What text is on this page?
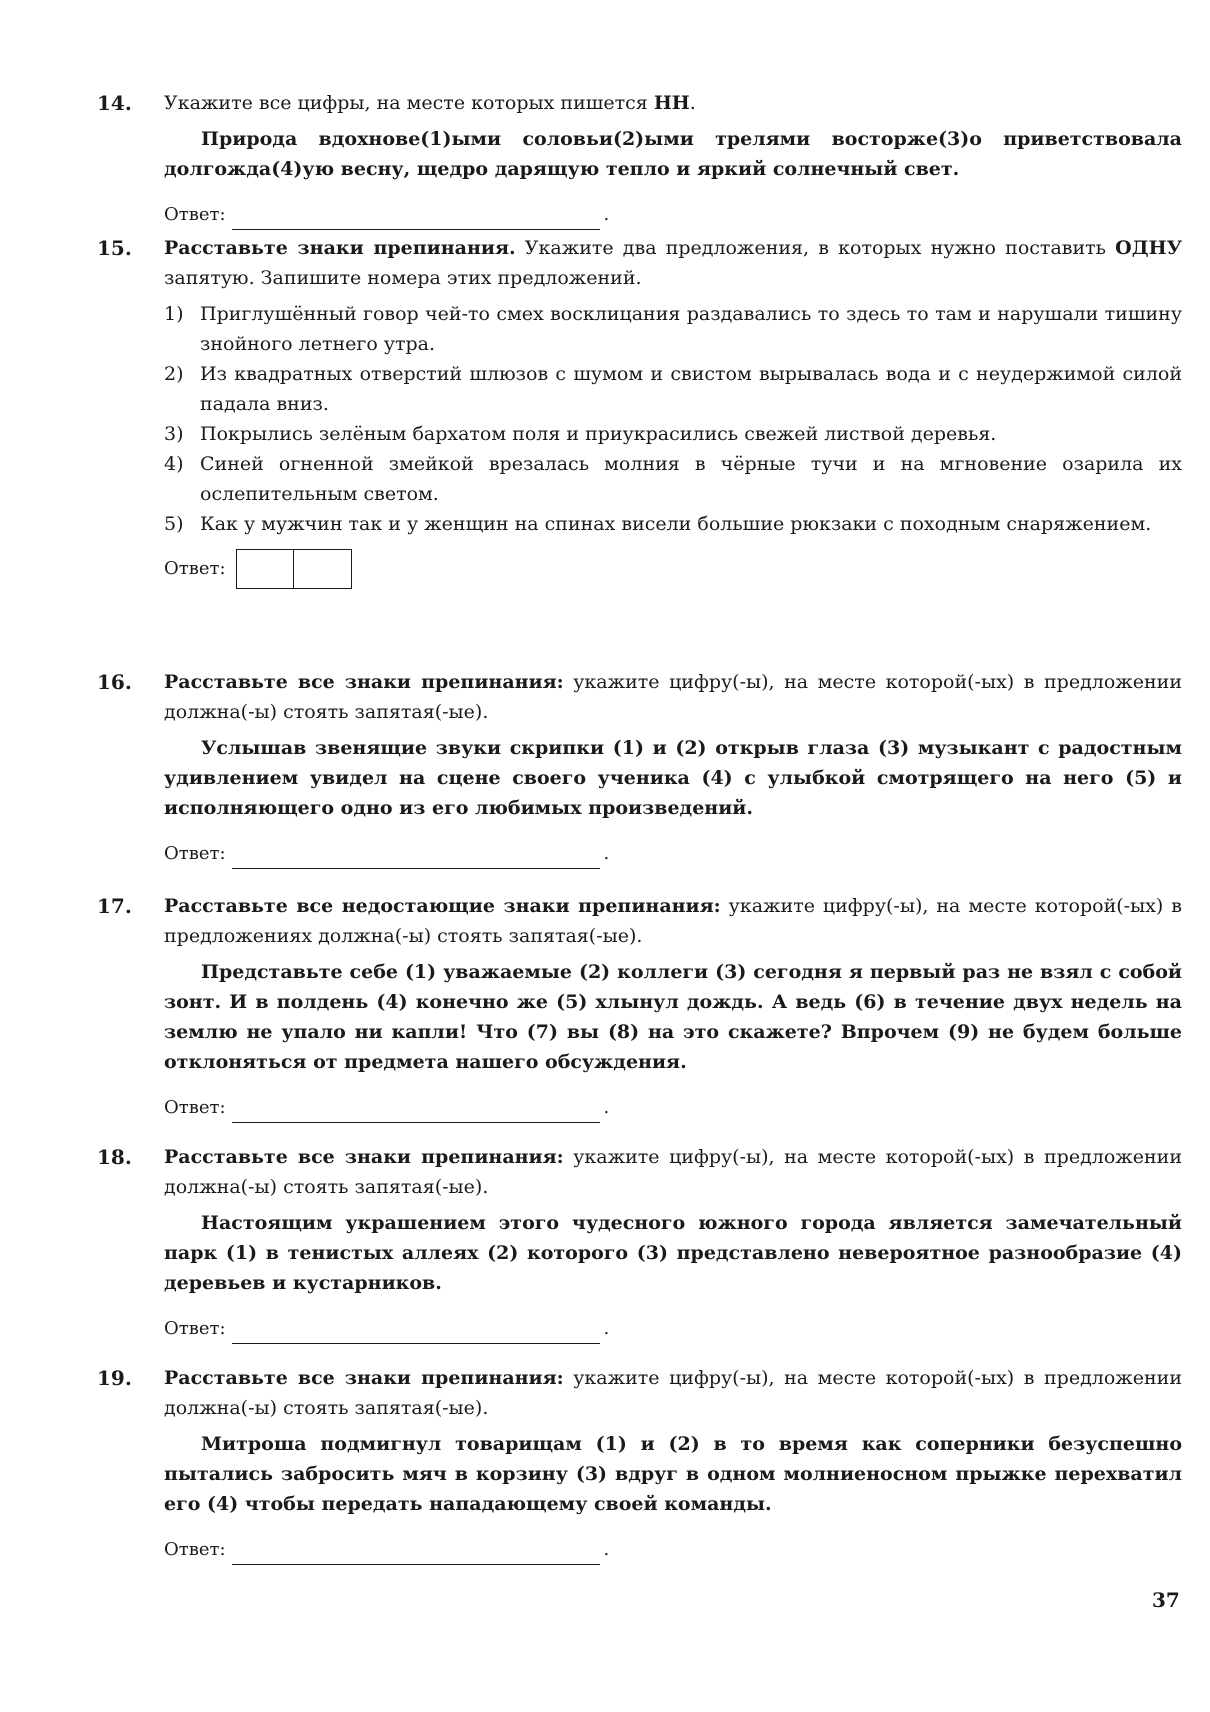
14. Укажите все цифры, на месте которых пишется НН.

Природа вдохнове(1)ыми соловьи(2)ыми трелями восторже(3)о приветствовала долгожда(4)ую весну, щедро дарящую тепло и яркий солнечный свет.

Ответ:	.
15. Расставьте знаки препинания. Укажите два предложения, в которых нужно поставить ОДНУ запятую. Запишите номера этих предложений.

1) Приглушённый говор чей-то смех восклицания раздавались то здесь то там и нарушали тишину знойного летнего утра.
2) Из квадратных отверстий шлюзов с шумом и свистом вырывалась вода и с неудержимой силой падала вниз.
3) Покрылись зелёным бархатом поля и приукрасились свежей листвой деревья.
4) Синей огненной змейкой врезалась молния в чёрные тучи и на мгновение озарила их ослепительным светом.
5) Как у мужчин так и у женщин на спинах висели большие рюкзаки с походным снаряжением.
Ответ:
16. Расставьте все знаки препинания: укажите цифру(-ы), на месте которой(-ых) в предложении должна(-ы) стоять запятая(-ые).

Услышав звенящие звуки скрипки (1) и (2) открыв глаза (3) музыкант с радостным удивлением увидел на сцене своего ученика (4) с улыбкой смотрящего на него (5) и исполняющего одно из его любимых произведений.

Ответ:	.
17. Расставьте все недостающие знаки препинания: укажите цифру(-ы), на месте которой(-ых) в предложениях должна(-ы) стоять запятая(-ые).

Представьте себе (1) уважаемые (2) коллеги (3) сегодня я первый раз не взял с собой зонт. И в полдень (4) конечно же (5) хлынул дождь. А ведь (6) в течение двух недель на землю не упало ни капли! Что (7) вы (8) на это скажете? Впрочем (9) не будем больше отклоняться от предмета нашего обсуждения.

Ответ:	.
18. Расставьте все знаки препинания: укажите цифру(-ы), на месте которой(-ых) в предложении должна(-ы) стоять запятая(-ые).

Настоящим украшением этого чудесного южного города является замечательный парк (1) в тенистых аллеях (2) которого (3) представлено невероятное разнообразие (4) деревьев и кустарников.

Ответ:	.
19. Расставьте все знаки препинания: укажите цифру(-ы), на месте которой(-ых) в предложении должна(-ы) стоять запятая(-ые).

Митроша подмигнул товарищам (1) и (2) в то время как соперники безуспешно пытались забросить мяч в корзину (3) вдруг в одном молниеносном прыжке перехватил его (4) чтобы передать нападающему своей команды.

Ответ:	.
37
